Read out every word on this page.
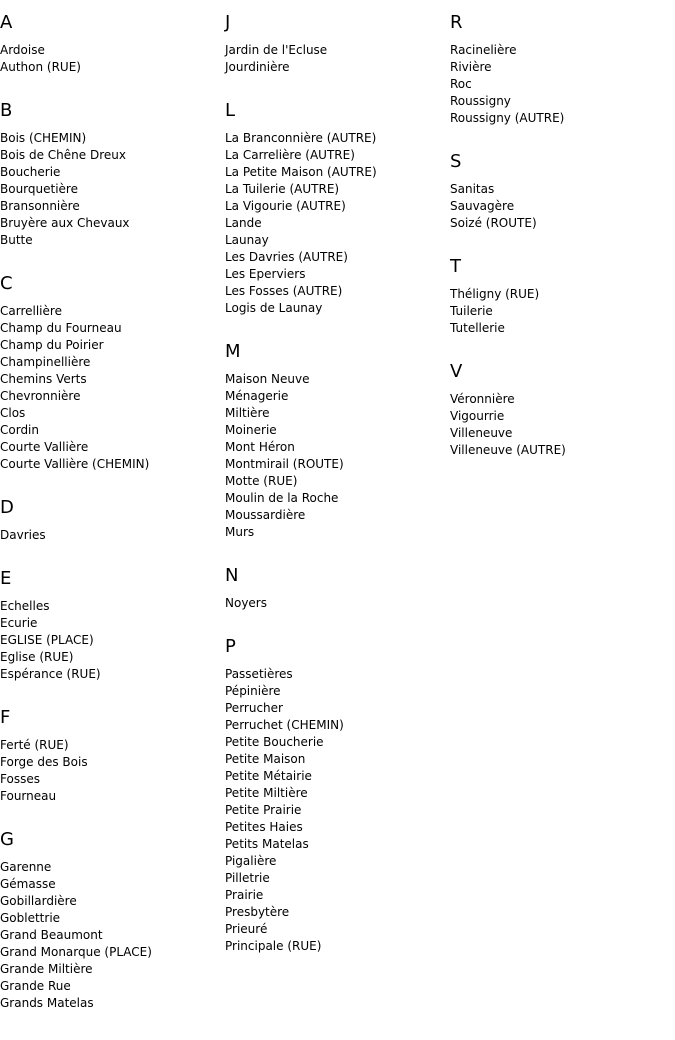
A
Ardoise
Authon (RUE)
B
Bois (CHEMIN)
Bois de Chêne Dreux
Boucherie
Bourquetière
Bransonnière
Bruyère aux Chevaux
Butte
C
Carrellière
Champ du Fourneau
Champ du Poirier
Champinellière
Chemins Verts
Chevronnière
Clos
Cordin
Courte Vallière
Courte Vallière (CHEMIN)
D
Davries
E
Echelles
Ecurie
EGLISE (PLACE)
Eglise (RUE)
Espérance (RUE)
F
Ferté (RUE)
Forge des Bois
Fosses
Fourneau
G
Garenne
Gémasse
Gobillardière
Goblettrie
Grand Beaumont
Grand Monarque (PLACE)
Grande Miltière
Grande Rue
Grands Matelas
J
Jardin de l'Ecluse
Jourdinière
L
La Branconnière (AUTRE)
La Carrelière (AUTRE)
La Petite Maison (AUTRE)
La Tuilerie (AUTRE)
La Vigourie (AUTRE)
Lande
Launay
Les Davries (AUTRE)
Les Eperviers
Les Fosses (AUTRE)
Logis de Launay
M
Maison Neuve
Ménagerie
Miltière
Moinerie
Mont Héron
Montmirail (ROUTE)
Motte (RUE)
Moulin de la Roche
Moussardière
Murs
N
Noyers
P
Passetières
Pépinière
Perrucher
Perruchet (CHEMIN)
Petite Boucherie
Petite Maison
Petite Métairie
Petite Miltière
Petite Prairie
Petites Haies
Petits Matelas
Pigalière
Pilletrie
Prairie
Presbytère
Prieuré
Principale (RUE)
R
Racinelière
Rivière
Roc
Roussigny
Roussigny (AUTRE)
S
Sanitas
Sauvagère
Soizé (ROUTE)
T
Théligny (RUE)
Tuilerie
Tutellerie
V
Véronnière
Vigourrie
Villeneuve
Villeneuve (AUTRE)
